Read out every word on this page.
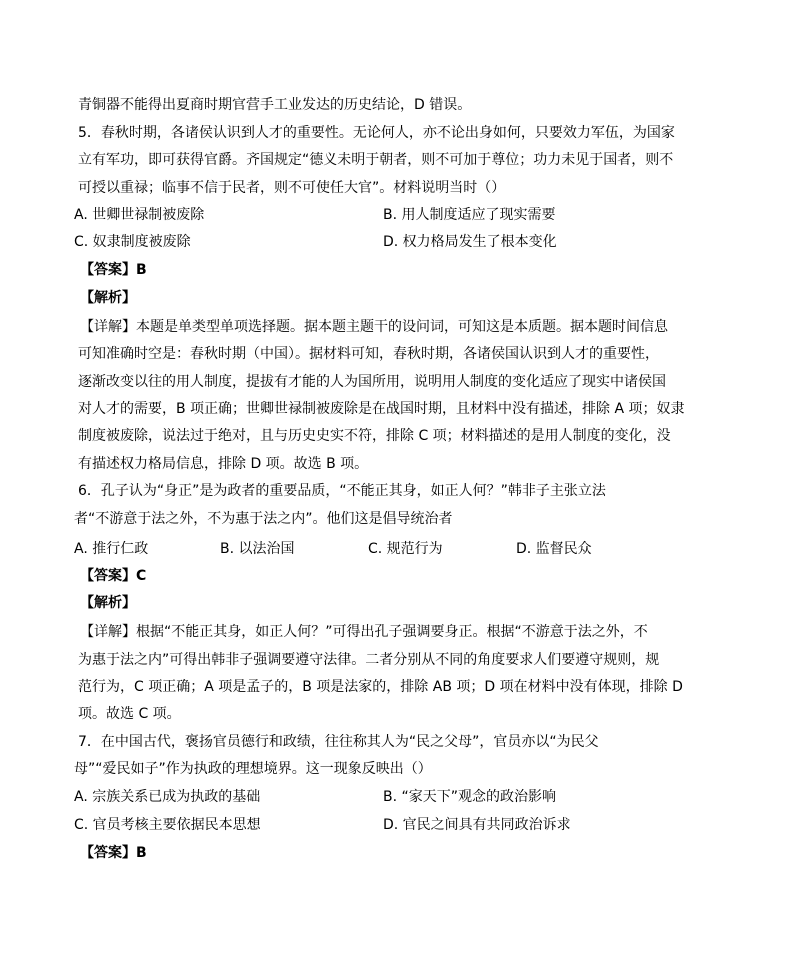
青铜器不能得出夏商时期官营手工业发达的历史结论，D 错误。
5．春秋时期，各诸侯认识到人才的重要性。无论何人，亦不论出身如何，只要效力军伍，为国家
立有军功，即可获得官爵。齐国规定“德义未明于朝者，则不可加于尊位；功力未见于国者，则不
可授以重禄；临事不信于民者，则不可使任大官”。材料说明当时（）
A. 世卿世禄制被废除	B. 用人制度适应了现实需要
C. 奴隶制度被废除	D. 权力格局发生了根本变化
【答案】B
【解析】
【详解】本题是单类型单项选择题。据本题主题干的设问词，可知这是本质题。据本题时间信息
可知准确时空是：春秋时期（中国）。据材料可知，春秋时期，各诸侯国认识到人才的重要性，
逐渐改变以往的用人制度，提拔有才能的人为国所用，说明用人制度的变化适应了现实中诸侯国
对人才的需要，B 项正确；世卿世禄制被废除是在战国时期，且材料中没有描述，排除 A 项；奴隶
制度被废除，说法过于绝对，且与历史史实不符，排除 C 项；材料描述的是用人制度的变化，没
有描述权力格局信息，排除 D 项。故选 B 项。
6．孔子认为“身正”是为政者的重要品质，“不能正其身，如正人何？”韩非子主张立法
者“不游意于法之外，不为惠于法之内”。他们这是倡导统治者
A. 推行仁政	B. 以法治国	C. 规范行为	D. 监督民众
【答案】C
【解析】
【详解】根据“不能正其身，如正人何？”可得出孔子强调要身正。根据“不游意于法之外，不
为惠于法之内”可得出韩非子强调要遵守法律。二者分别从不同的角度要求人们要遵守规则，规
范行为，C 项正确；A 项是孟子的，B 项是法家的，排除 AB 项；D 项在材料中没有体现，排除 D
项。故选 C 项。
7．在中国古代，褒扬官员德行和政绩，往往称其人为“民之父母”，官员亦以“为民父
母”“爱民如子”作为执政的理想境界。这一现象反映出（）
A. 宗族关系已成为执政的基础	B. “家天下”观念的政治影响
C. 官员考核主要依据民本思想	D. 官民之间具有共同政治诉求
【答案】B
